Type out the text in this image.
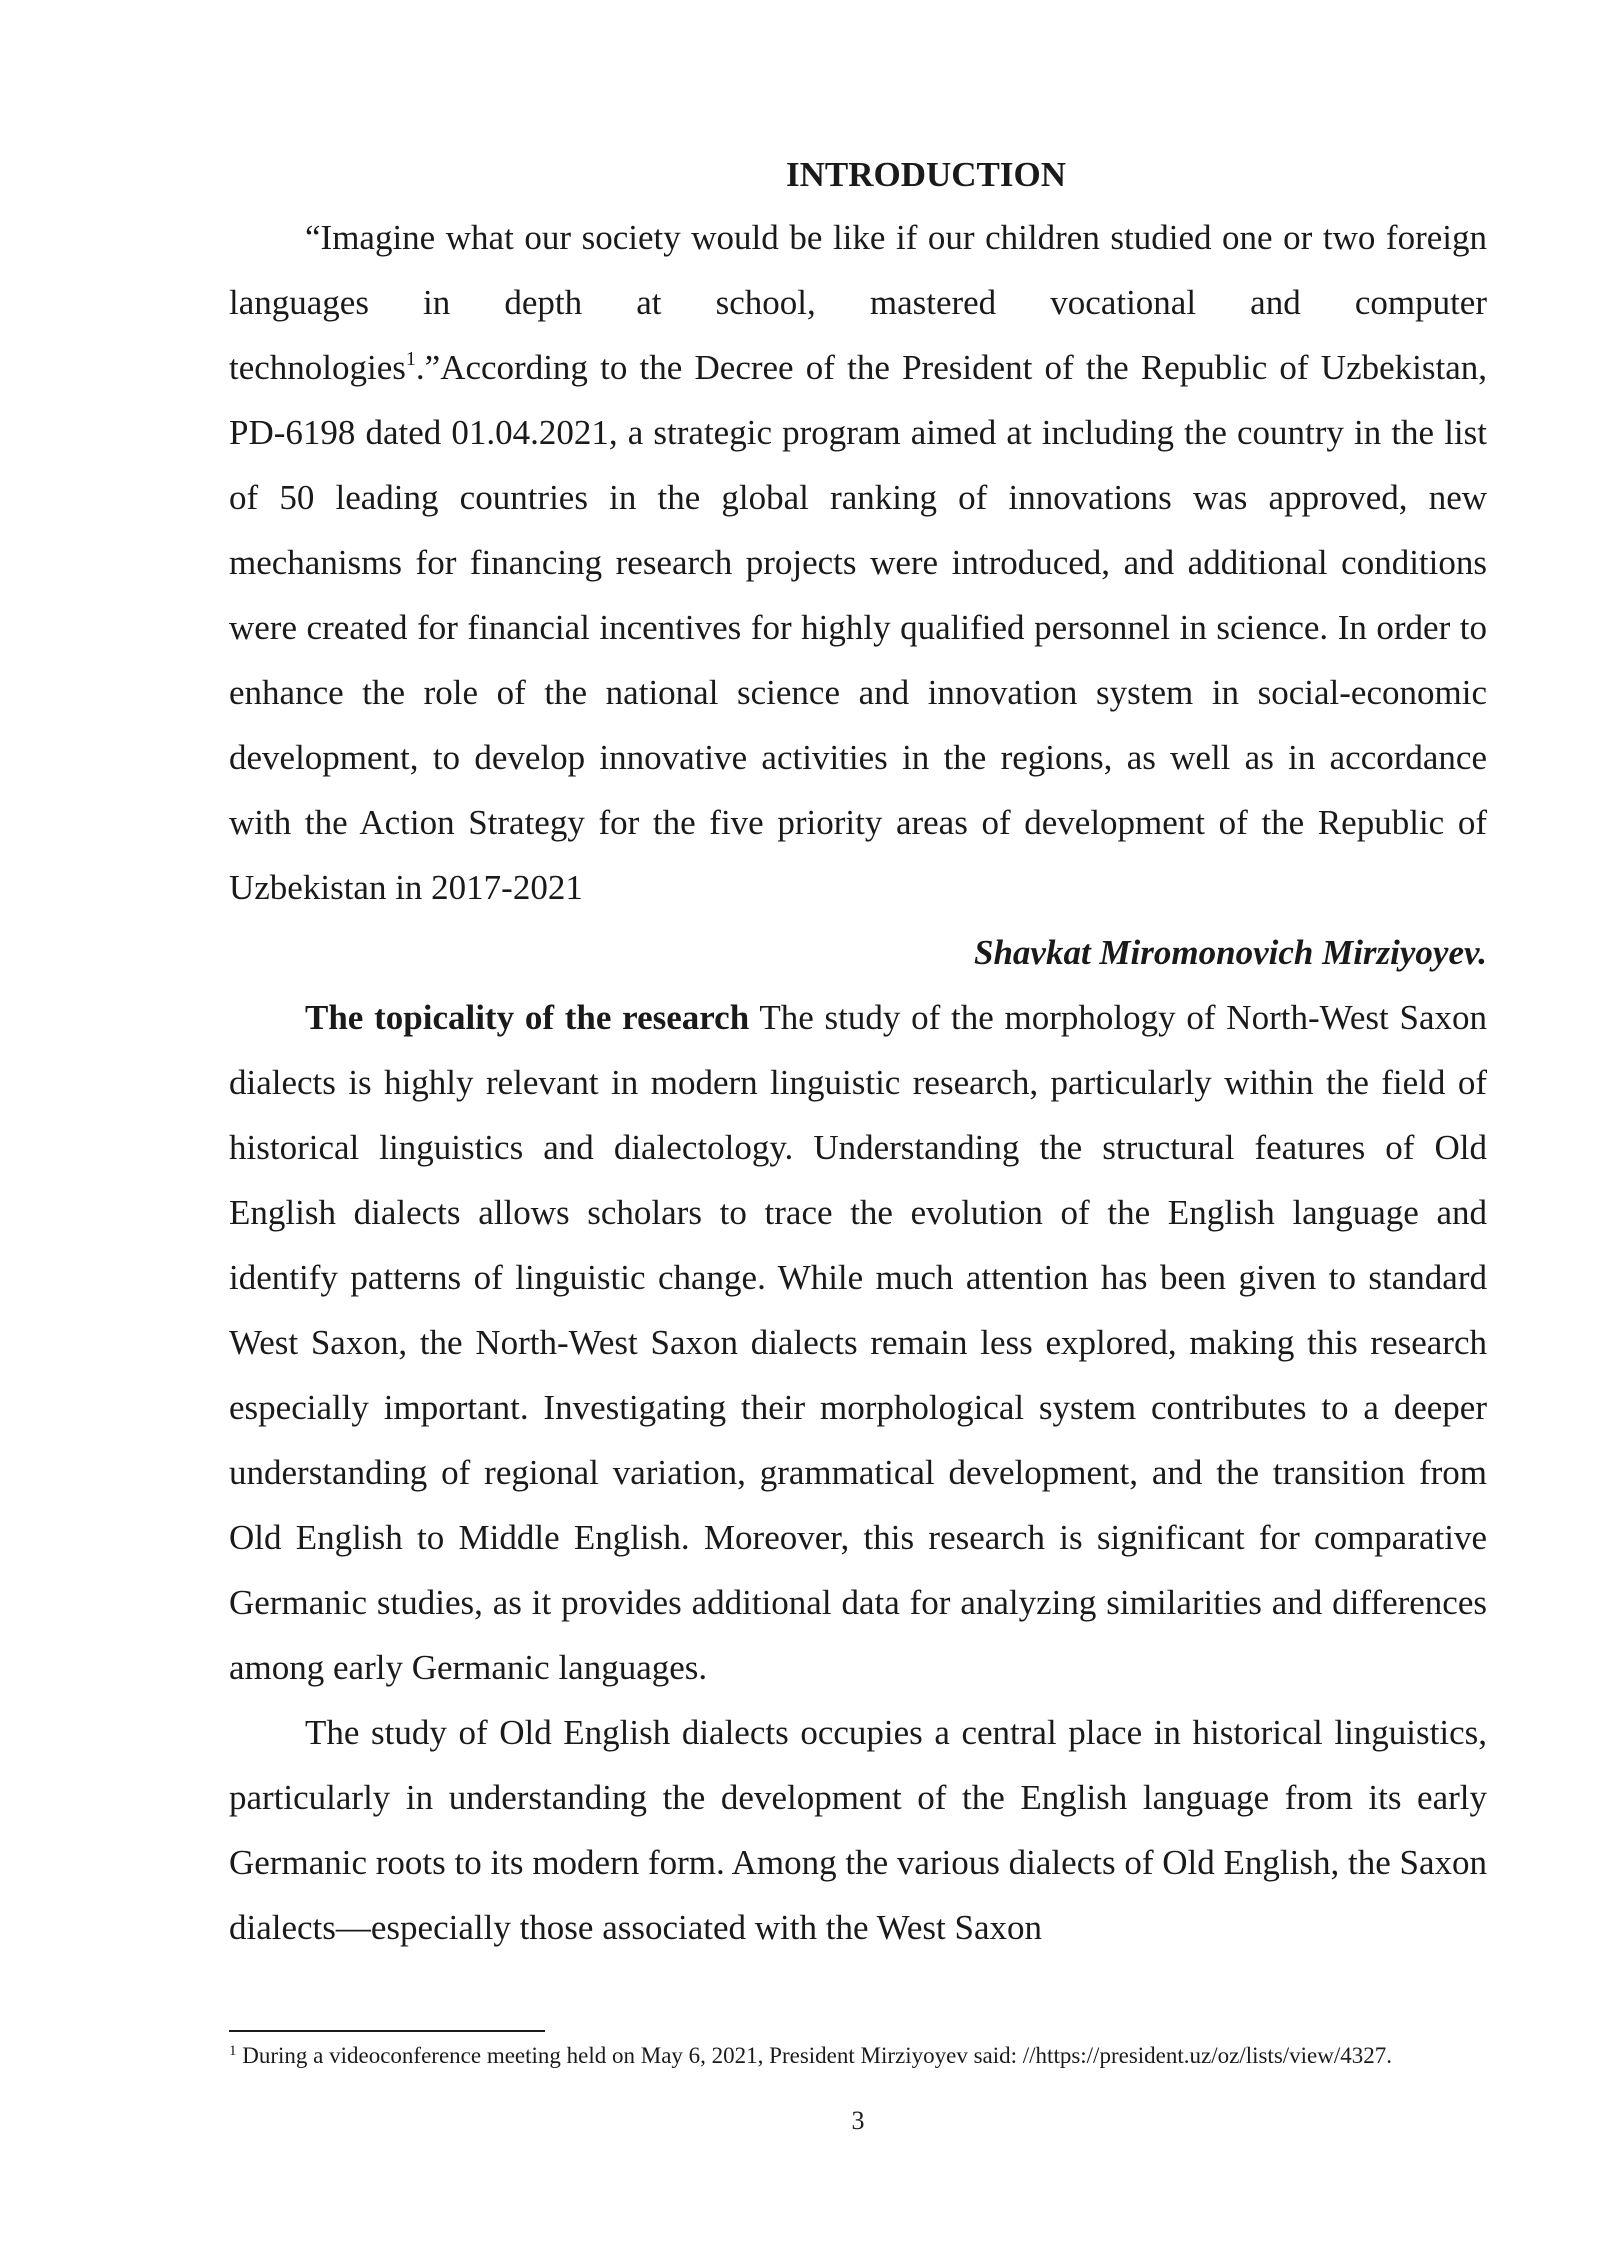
INTRODUCTION

“Imagine what our society would be like if our children studied one or two foreign languages in depth at school, mastered vocational and computer technologies$^1$.”According to the Decree of the President of the Republic of Uzbekistan, PD-6198 dated 01.04.2021, a strategic program aimed at including the country in the list of 50 leading countries in the global ranking of innovations was approved, new mechanisms for financing research projects were introduced, and additional conditions were created for financial incentives for highly qualified personnel in science. In order to enhance the role of the national science and innovation system in social-economic development, to develop innovative activities in the regions, as well as in accordance with the Action Strategy for the five priority areas of development of the Republic of Uzbekistan in 2017-2021

Shavkat Miromonovich Mirziyoyev.

The topicality of the research The study of the morphology of North-West Saxon dialects is highly relevant in modern linguistic research, particularly within the field of historical linguistics and dialectology. Understanding the structural features of Old English dialects allows scholars to trace the evolution of the English language and identify patterns of linguistic change. While much attention has been given to standard West Saxon, the North-West Saxon dialects remain less explored, making this research especially important. Investigating their morphological system contributes to a deeper understanding of regional variation, grammatical development, and the transition from Old English to Middle English. Moreover, this research is significant for comparative Germanic studies, as it provides additional data for analyzing similarities and differences among early Germanic languages.

The study of Old English dialects occupies a central place in historical linguistics, particularly in understanding the development of the English language from its early Germanic roots to its modern form. Among the various dialects of Old English, the Saxon dialects—especially those associated with the West Saxon

$^1$ During a videoconference meeting held on May 6, 2021, President Mirziyoyev said: //https://president.uz/oz/lists/view/4327.
3
